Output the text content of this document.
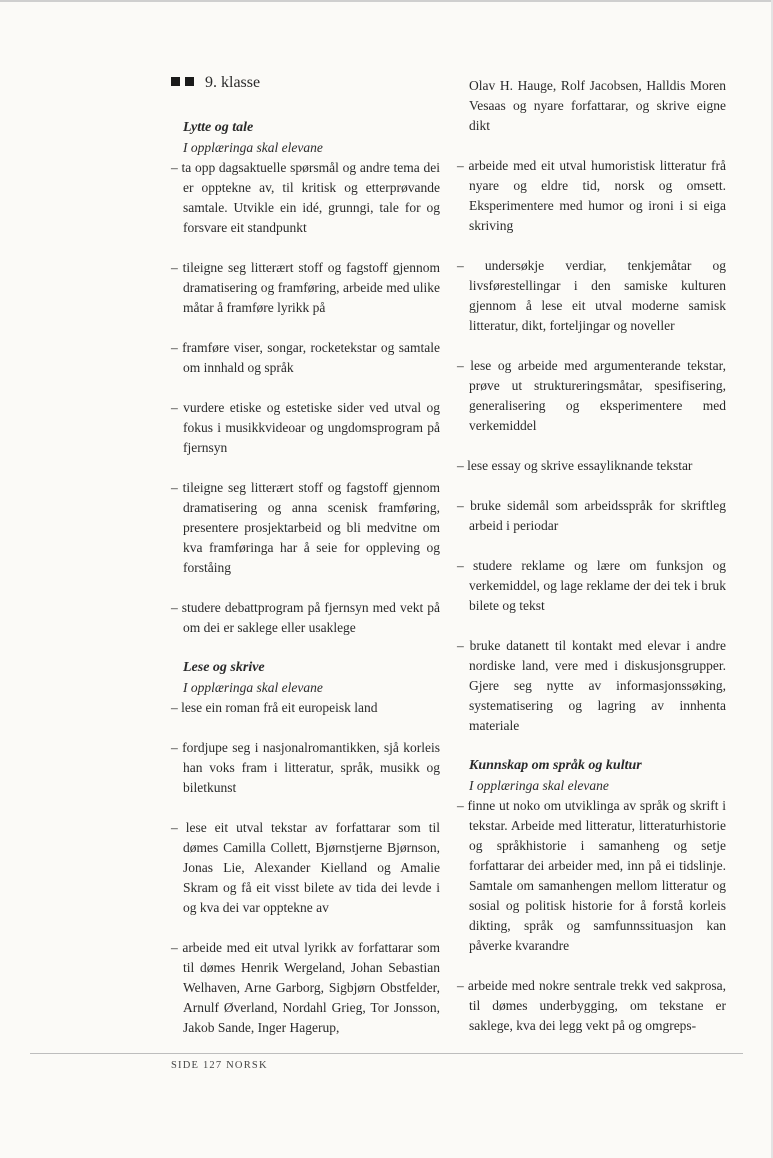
9. klasse
Lytte og tale
I opplæringa skal elevane
– ta opp dagsaktuelle spørsmål og andre tema dei er opptekne av, til kritisk og etterprøvande samtale. Utvikle ein idé, grunngi, tale for og forsvare eit standpunkt
– tileigne seg litterært stoff og fagstoff gjennom dramatisering og framføring, arbeide med ulike måtar å framføre lyrikk på
– framføre viser, songar, rocketekstar og samtale om innhald og språk
– vurdere etiske og estetiske sider ved utval og fokus i musikkvideoar og ungdomsprogram på fjernsyn
– tileigne seg litterært stoff og fagstoff gjennom dramatisering og anna scenisk framføring, presentere prosjektarbeid og bli medvitne om kva framføringa har å seie for oppleving og forståing
– studere debattprogram på fjernsyn med vekt på om dei er saklege eller usaklege
Lese og skrive
I opplæringa skal elevane
– lese ein roman frå eit europeisk land
– fordjupe seg i nasjonalromantikken, sjå korleis han voks fram i litteratur, språk, musikk og biletkunst
– lese eit utval tekstar av forfattarar som til dømes Camilla Collett, Bjørnstjerne Bjørnson, Jonas Lie, Alexander Kielland og Amalie Skram og få eit visst bilete av tida dei levde i og kva dei var opptekne av
– arbeide med eit utval lyrikk av forfattarar som til dømes Henrik Wergeland, Johan Sebastian Welhaven, Arne Garborg, Sigbjørn Obstfelder, Arnulf Øverland, Nordahl Grieg, Tor Jonsson, Jakob Sande, Inger Hagerup,
Olav H. Hauge, Rolf Jacobsen, Halldis Moren Vesaas og nyare forfattarar, og skrive eigne dikt
– arbeide med eit utval humoristisk litteratur frå nyare og eldre tid, norsk og omsett. Eksperimentere med humor og ironi i si eiga skriving
– undersøkje verdiar, tenkjemåtar og livsførestellingar i den samiske kulturen gjennom å lese eit utval moderne samisk litteratur, dikt, forteljingar og noveller
– lese og arbeide med argumenterande tekstar, prøve ut struktureringsmåtar, spesifisering, generalisering og eksperimentere med verkemiddel
– lese essay og skrive essayliknande tekstar
– bruke sidemål som arbeidsspråk for skriftleg arbeid i periodar
– studere reklame og lære om funksjon og verkemiddel, og lage reklame der dei tek i bruk bilete og tekst
– bruke datanett til kontakt med elevar i andre nordiske land, vere med i diskusjonsgrupper. Gjere seg nytte av informasjonssøking, systematisering og lagring av innhenta materiale
Kunnskap om språk og kultur
I opplæringa skal elevane
– finne ut noko om utviklinga av språk og skrift i tekstar. Arbeide med litteratur, litteraturhistorie og språkhistorie i samanheng og setje forfattarar dei arbeider med, inn på ei tidslinje. Samtale om samanhengen mellom litteratur og sosial og politisk historie for å forstå korleis dikting, språk og samfunnssituasjon kan påverke kvarandre
– arbeide med nokre sentrale trekk ved sakprosa, til dømes underbygging, om tekstane er saklege, kva dei legg vekt på og omgreps-
SIDE 127 NORSK
